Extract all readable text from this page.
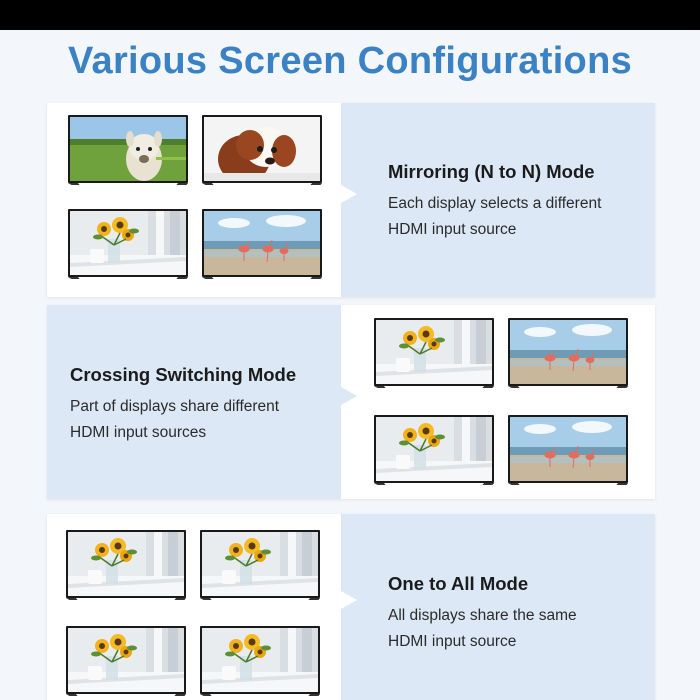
Various Screen Configurations
Mirroring (N to N) Mode
Each display selects a different
HDMI input source
Crossing Switching Mode
Part of displays share different
HDMI input sources
One to All Mode
All displays share the same
HDMI input source
